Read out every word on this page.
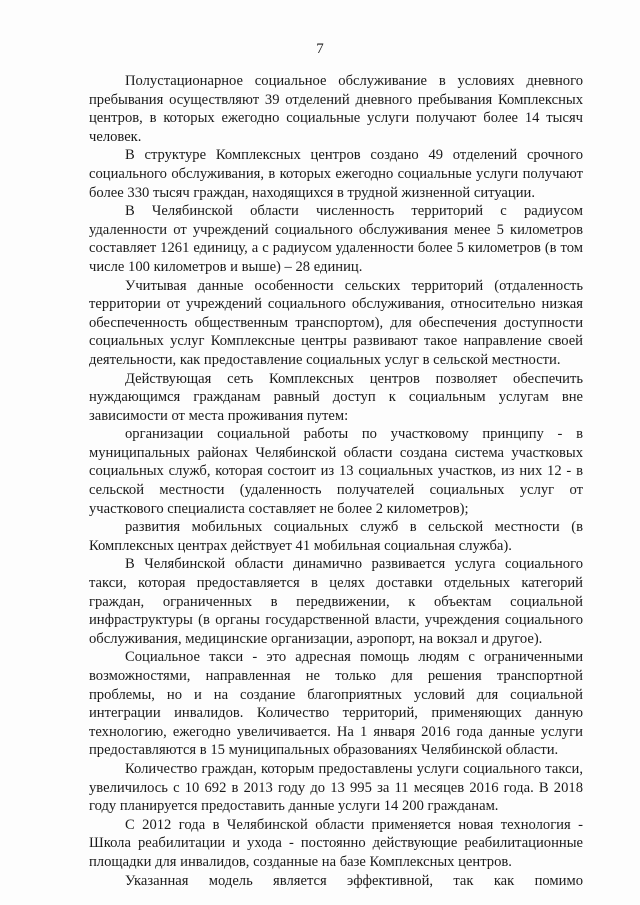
7

Полустационарное социальное обслуживание в условиях дневного пребывания осуществляют 39 отделений дневного пребывания Комплексных центров, в которых ежегодно социальные услуги получают более 14 тысяч человек.

В структуре Комплексных центров создано 49 отделений срочного социального обслуживания, в которых ежегодно социальные услуги получают более 330 тысяч граждан, находящихся в трудной жизненной ситуации.

В Челябинской области численность территорий с радиусом удаленности от учреждений социального обслуживания менее 5 километров составляет 1261 единицу, а с радиусом удаленности более 5 километров (в том числе 100 километров и выше) – 28 единиц.

Учитывая данные особенности сельских территорий (отдаленность территории от учреждений социального обслуживания, относительно низкая обеспеченность общественным транспортом), для обеспечения доступности социальных услуг Комплексные центры развивают такое направление своей деятельности, как предоставление социальных услуг в сельской местности.

Действующая сеть Комплексных центров позволяет обеспечить нуждающимся гражданам равный доступ к социальным услугам вне зависимости от места проживания путем:

организации социальной работы по участковому принципу - в муниципальных районах Челябинской области создана система участковых социальных служб, которая состоит из 13 социальных участков, из них 12 - в сельской местности (удаленность получателей социальных услуг от участкового специалиста составляет не более 2 километров);

развития мобильных социальных служб в сельской местности (в Комплексных центрах действует 41 мобильная социальная служба).

В Челябинской области динамично развивается услуга социального такси, которая предоставляется в целях доставки отдельных категорий граждан, ограниченных в передвижении, к объектам социальной инфраструктуры (в органы государственной власти, учреждения социального обслуживания, медицинские организации, аэропорт, на вокзал и другое).

Социальное такси - это адресная помощь людям с ограниченными возможностями, направленная не только для решения транспортной проблемы, но и на создание благоприятных условий для социальной интеграции инвалидов. Количество территорий, применяющих данную технологию, ежегодно увеличивается. На 1 января 2016 года данные услуги предоставляются в 15 муниципальных образованиях Челябинской области.

Количество граждан, которым предоставлены услуги социального такси, увеличилось с 10 692 в 2013 году до 13 995 за 11 месяцев 2016 года. В 2018 году планируется предоставить данные услуги 14 200 гражданам.

С 2012 года в Челябинской области применяется новая технология - Школа реабилитации и ухода - постоянно действующие реабилитационные площадки для инвалидов, созданные на базе Комплексных центров.

Указанная модель является эффективной, так как помимо
